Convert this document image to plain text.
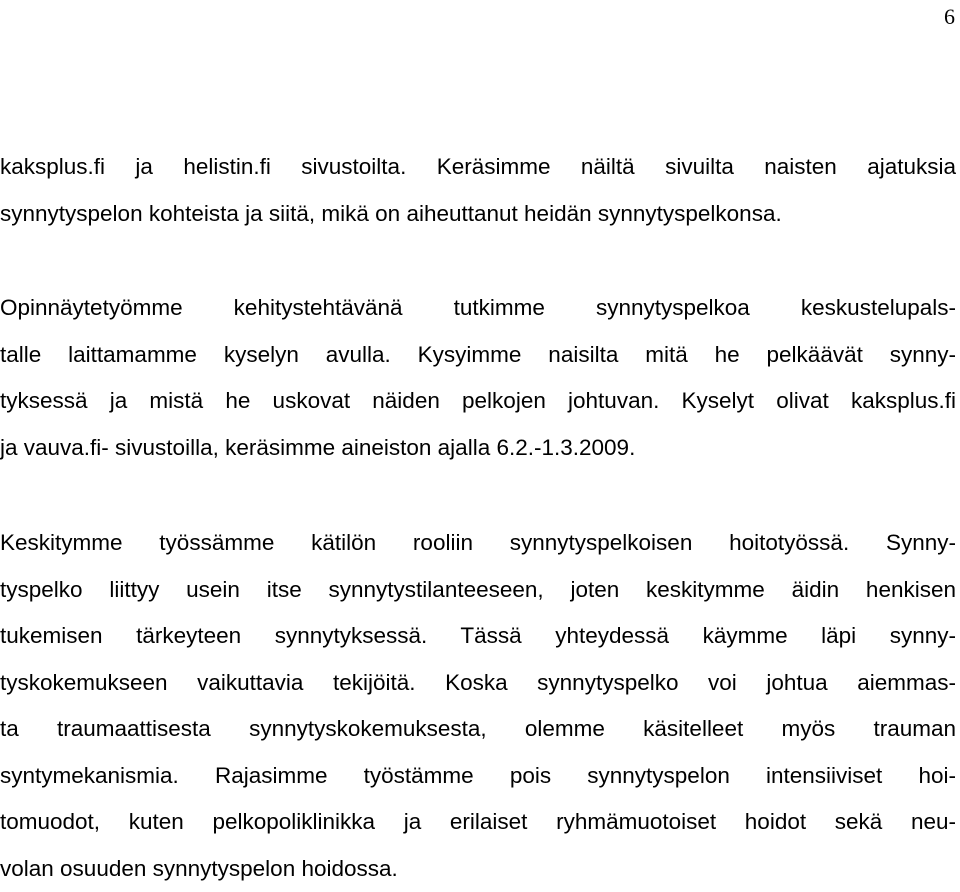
6
kaksplus.fi ja helistin.fi sivustoilta. Keräsimme näiltä sivuilta naisten ajatuksia
synnytyspelon kohteista ja siitä, mikä on aiheuttanut heidän synnytyspelkonsa.
Opinnäytetyömme kehitystehtävänä tutkimme synnytyspelkoa keskustelupals-
talle laittamamme kyselyn avulla. Kysyimme naisilta mitä he pelkäävät synny-
tyksessä ja mistä he uskovat näiden pelkojen johtuvan. Kyselyt olivat kaksplus.fi
ja vauva.fi- sivustoilla, keräsimme aineiston ajalla 6.2.-1.3.2009.
Keskitymme työssämme kätilön rooliin synnytyspelkoisen hoitotyössä. Synny-
tyspelko liittyy usein itse synnytystilanteeseen, joten keskitymme äidin henkisen
tukemisen tärkeyteen synnytyksessä. Tässä yhteydessä käymme läpi synny-
tyskokemukseen vaikuttavia tekijöitä. Koska synnytyspelko voi johtua aiemmas-
ta traumaattisesta synnytyskokemuksesta, olemme käsitelleet myös trauman
syntymekanismia. Rajasimme työstämme pois synnytyspelon intensiiviset hoi-
tomuodot, kuten pelkopoliklinikka ja erilaiset ryhmämuotoiset hoidot sekä neu-
volan osuuden synnytyspelon hoidossa.
